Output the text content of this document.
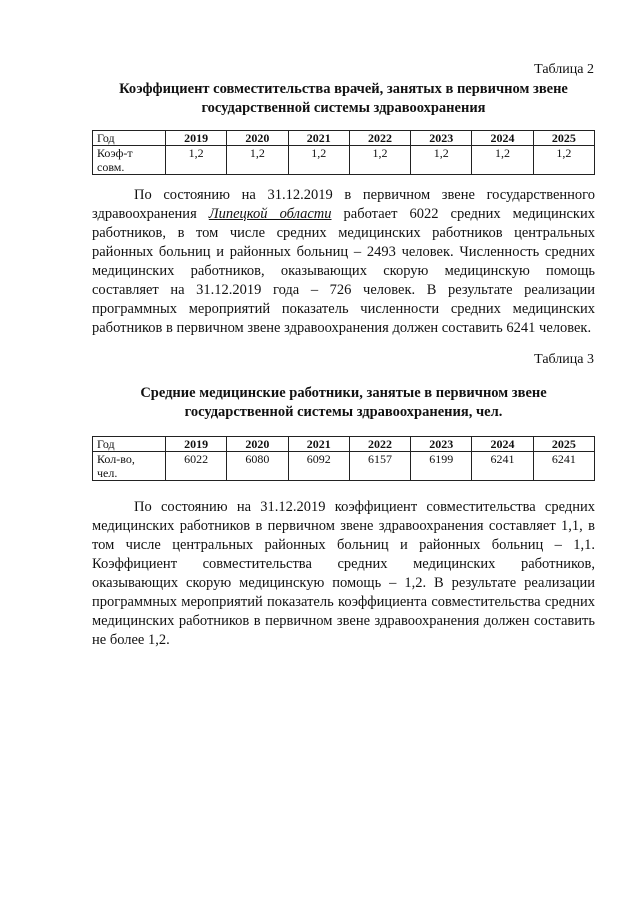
Таблица 2
Коэффициент совместительства врачей, занятых в первичном звене
государственной системы здравоохранения
Год	2019	2020	2021	2022	2023	2024	2025

Коэф-т
совм.	1,2	1,2	1,2	1,2	1,2	1,2	1,2

По состоянию на 31.12.2019 в первичном звене государственного здравоохранения Липецкой области работает 6022 средних медицинских работников, в том числе средних медицинских работников центральных районных больниц и районных больниц – 2493 человек. Численность средних медицинских работников, оказывающих скорую медицинскую помощь составляет на 31.12.2019 года – 726 человек. В результате реализации программных мероприятий показатель численности средних медицинских работников в первичном звене здравоохранения должен составить 6241 человек.

Таблица 3
Средние медицинские работники, занятые в первичном звене
государственной системы здравоохранения, чел.
Год	2019	2020	2021	2022	2023	2024	2025

Кол-во,
чел.	6022	6080	6092	6157	6199	6241	6241

По состоянию на 31.12.2019 коэффициент совместительства средних медицинских работников в первичном звене здравоохранения составляет 1,1, в том числе центральных районных больниц и районных больниц – 1,1. Коэффициент совместительства средних медицинских работников, оказывающих скорую медицинскую помощь – 1,2. В результате реализации программных мероприятий показатель коэффициента совместительства средних медицинских работников в первичном звене здравоохранения должен составить не более 1,2.
